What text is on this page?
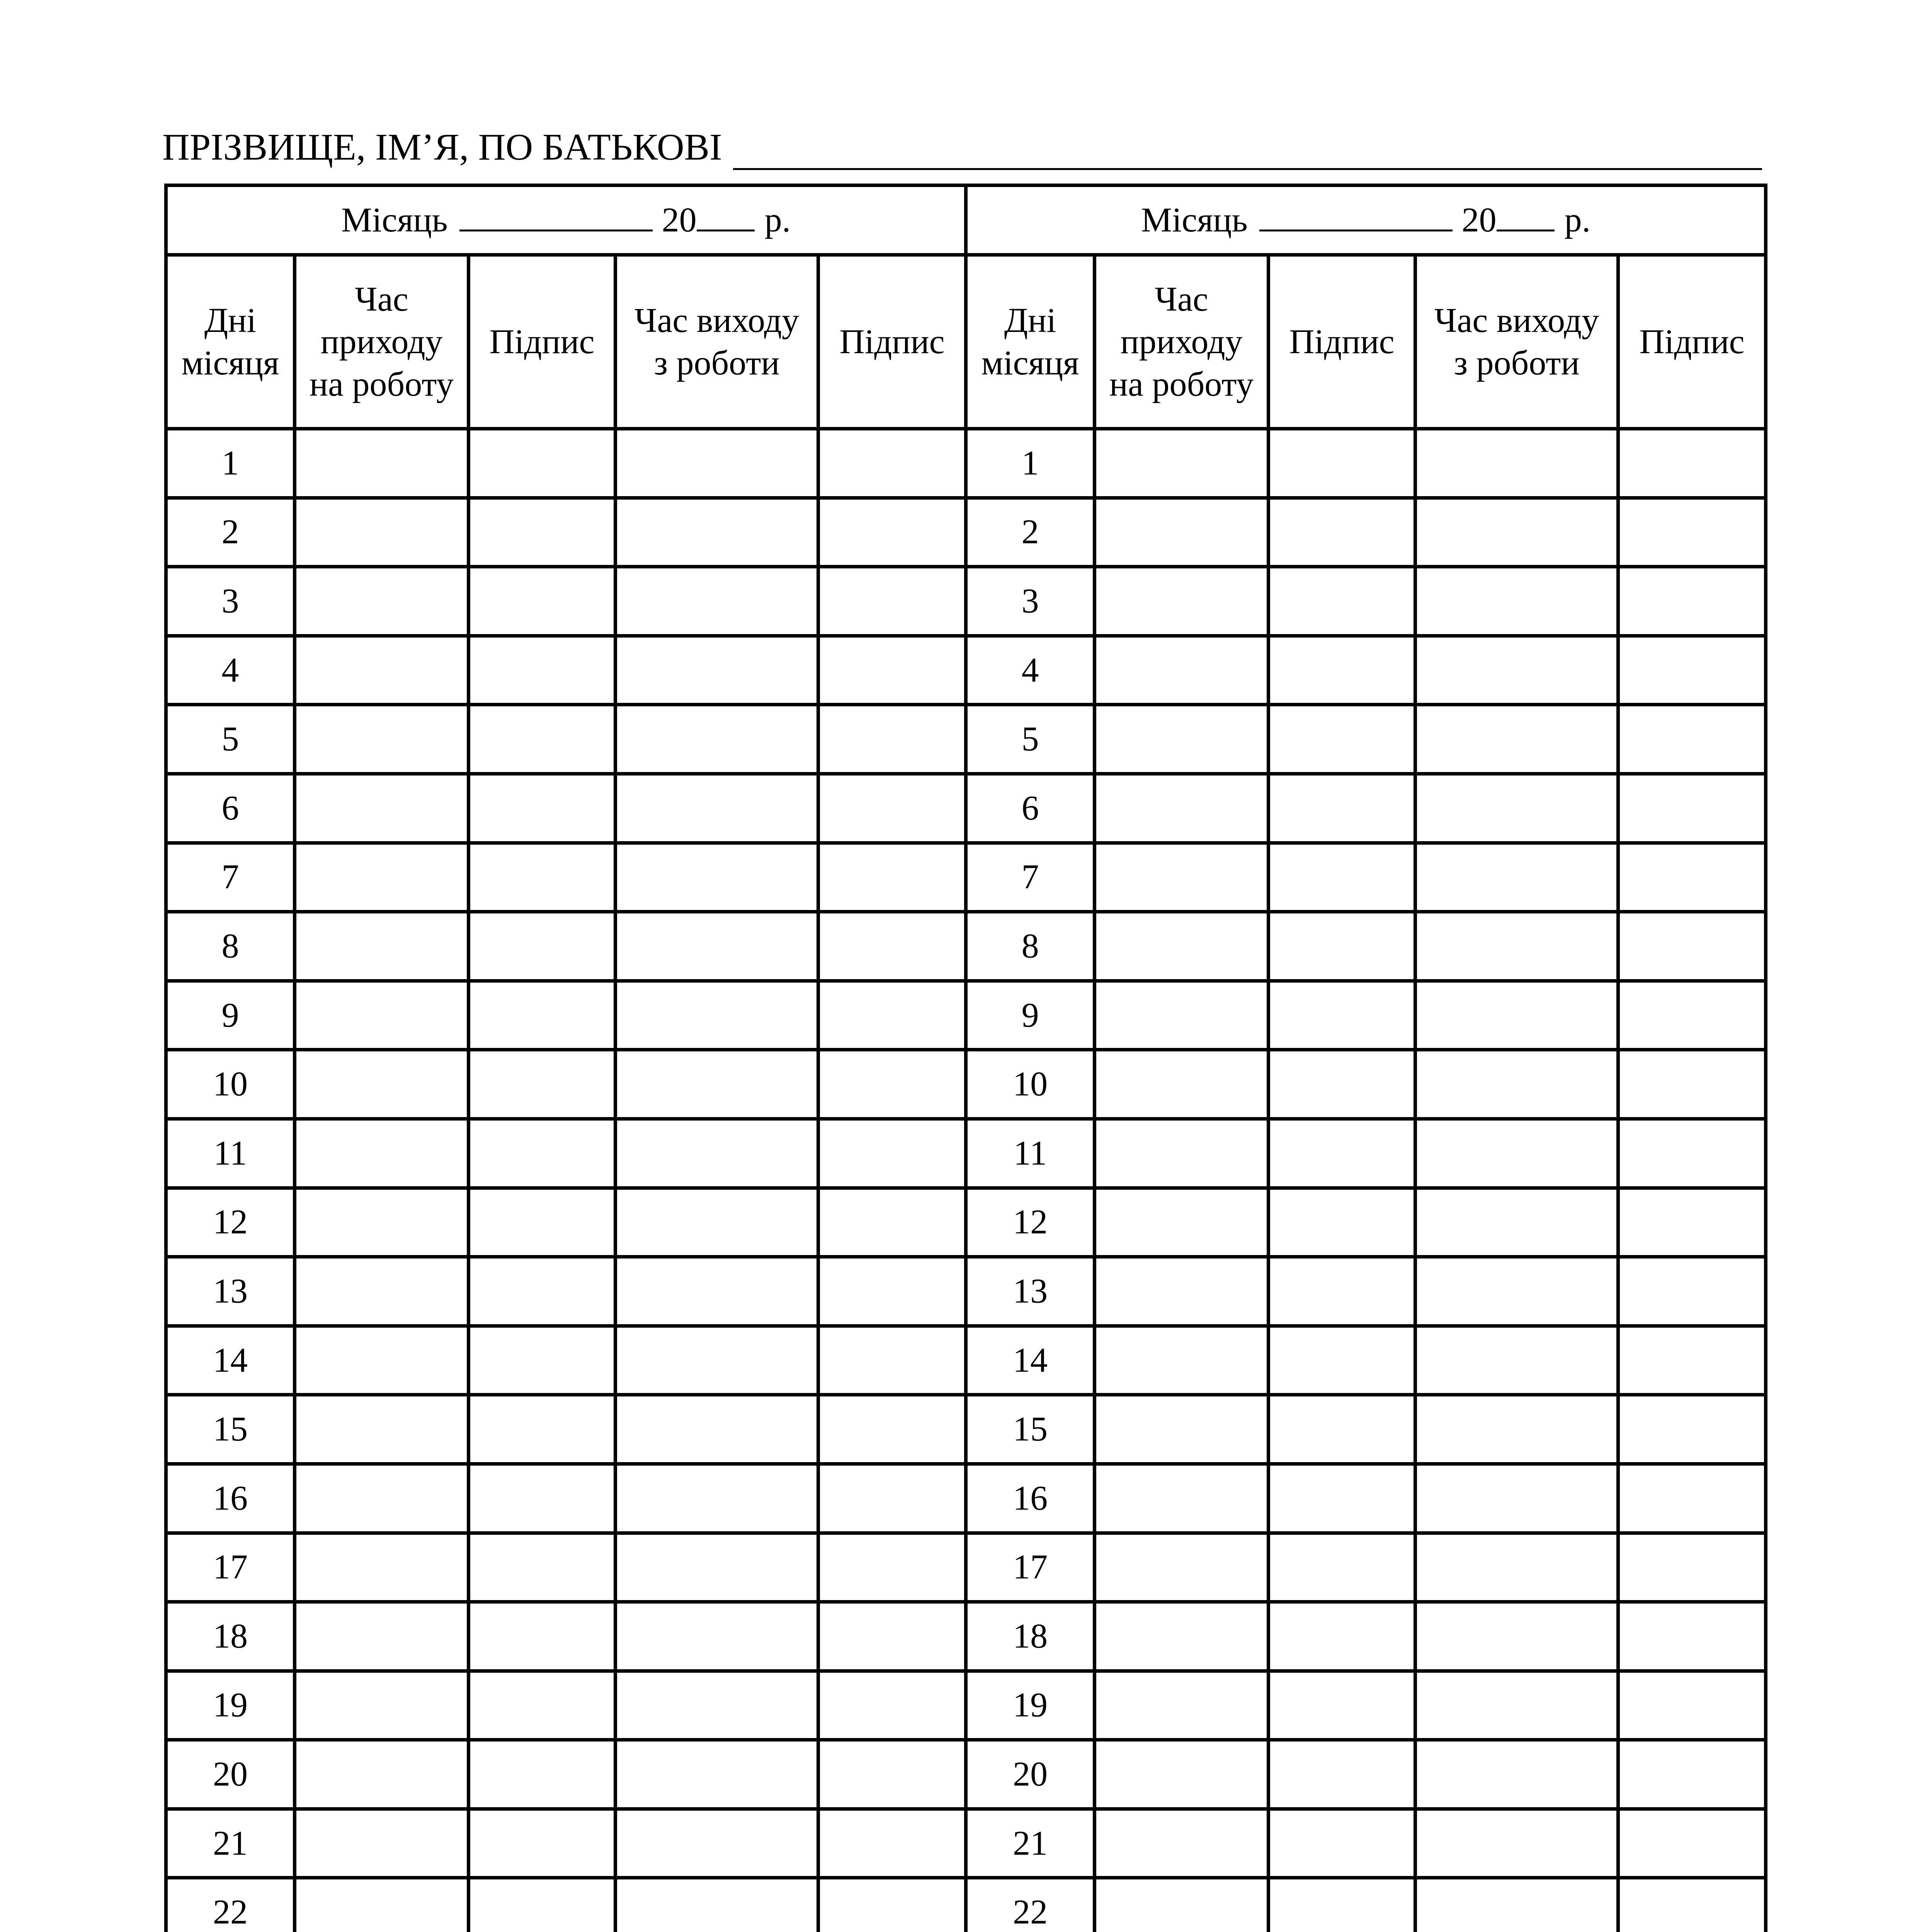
ПРІЗВИЩЕ, ІМ’Я, ПО БАТЬКОВІ
Місяць 20 р.					Місяць 20 р.				

Дні
місяця	Час
приходу
на роботу	Підпис	Час виходу
з роботи	Підпис	Дні
місяця	Час
приходу
на роботу	Підпис	Час виходу
з роботи	Підпис

1					1				
2					2				
3					3				
4					4				
5					5				
6					6				
7					7				
8					8				
9					9				
10					10				
11					11				
12					12				
13					13				
14					14				
15					15				
16					16				
17					17				
18					18				
19					19				
20					20				
21					21				
22					22				
